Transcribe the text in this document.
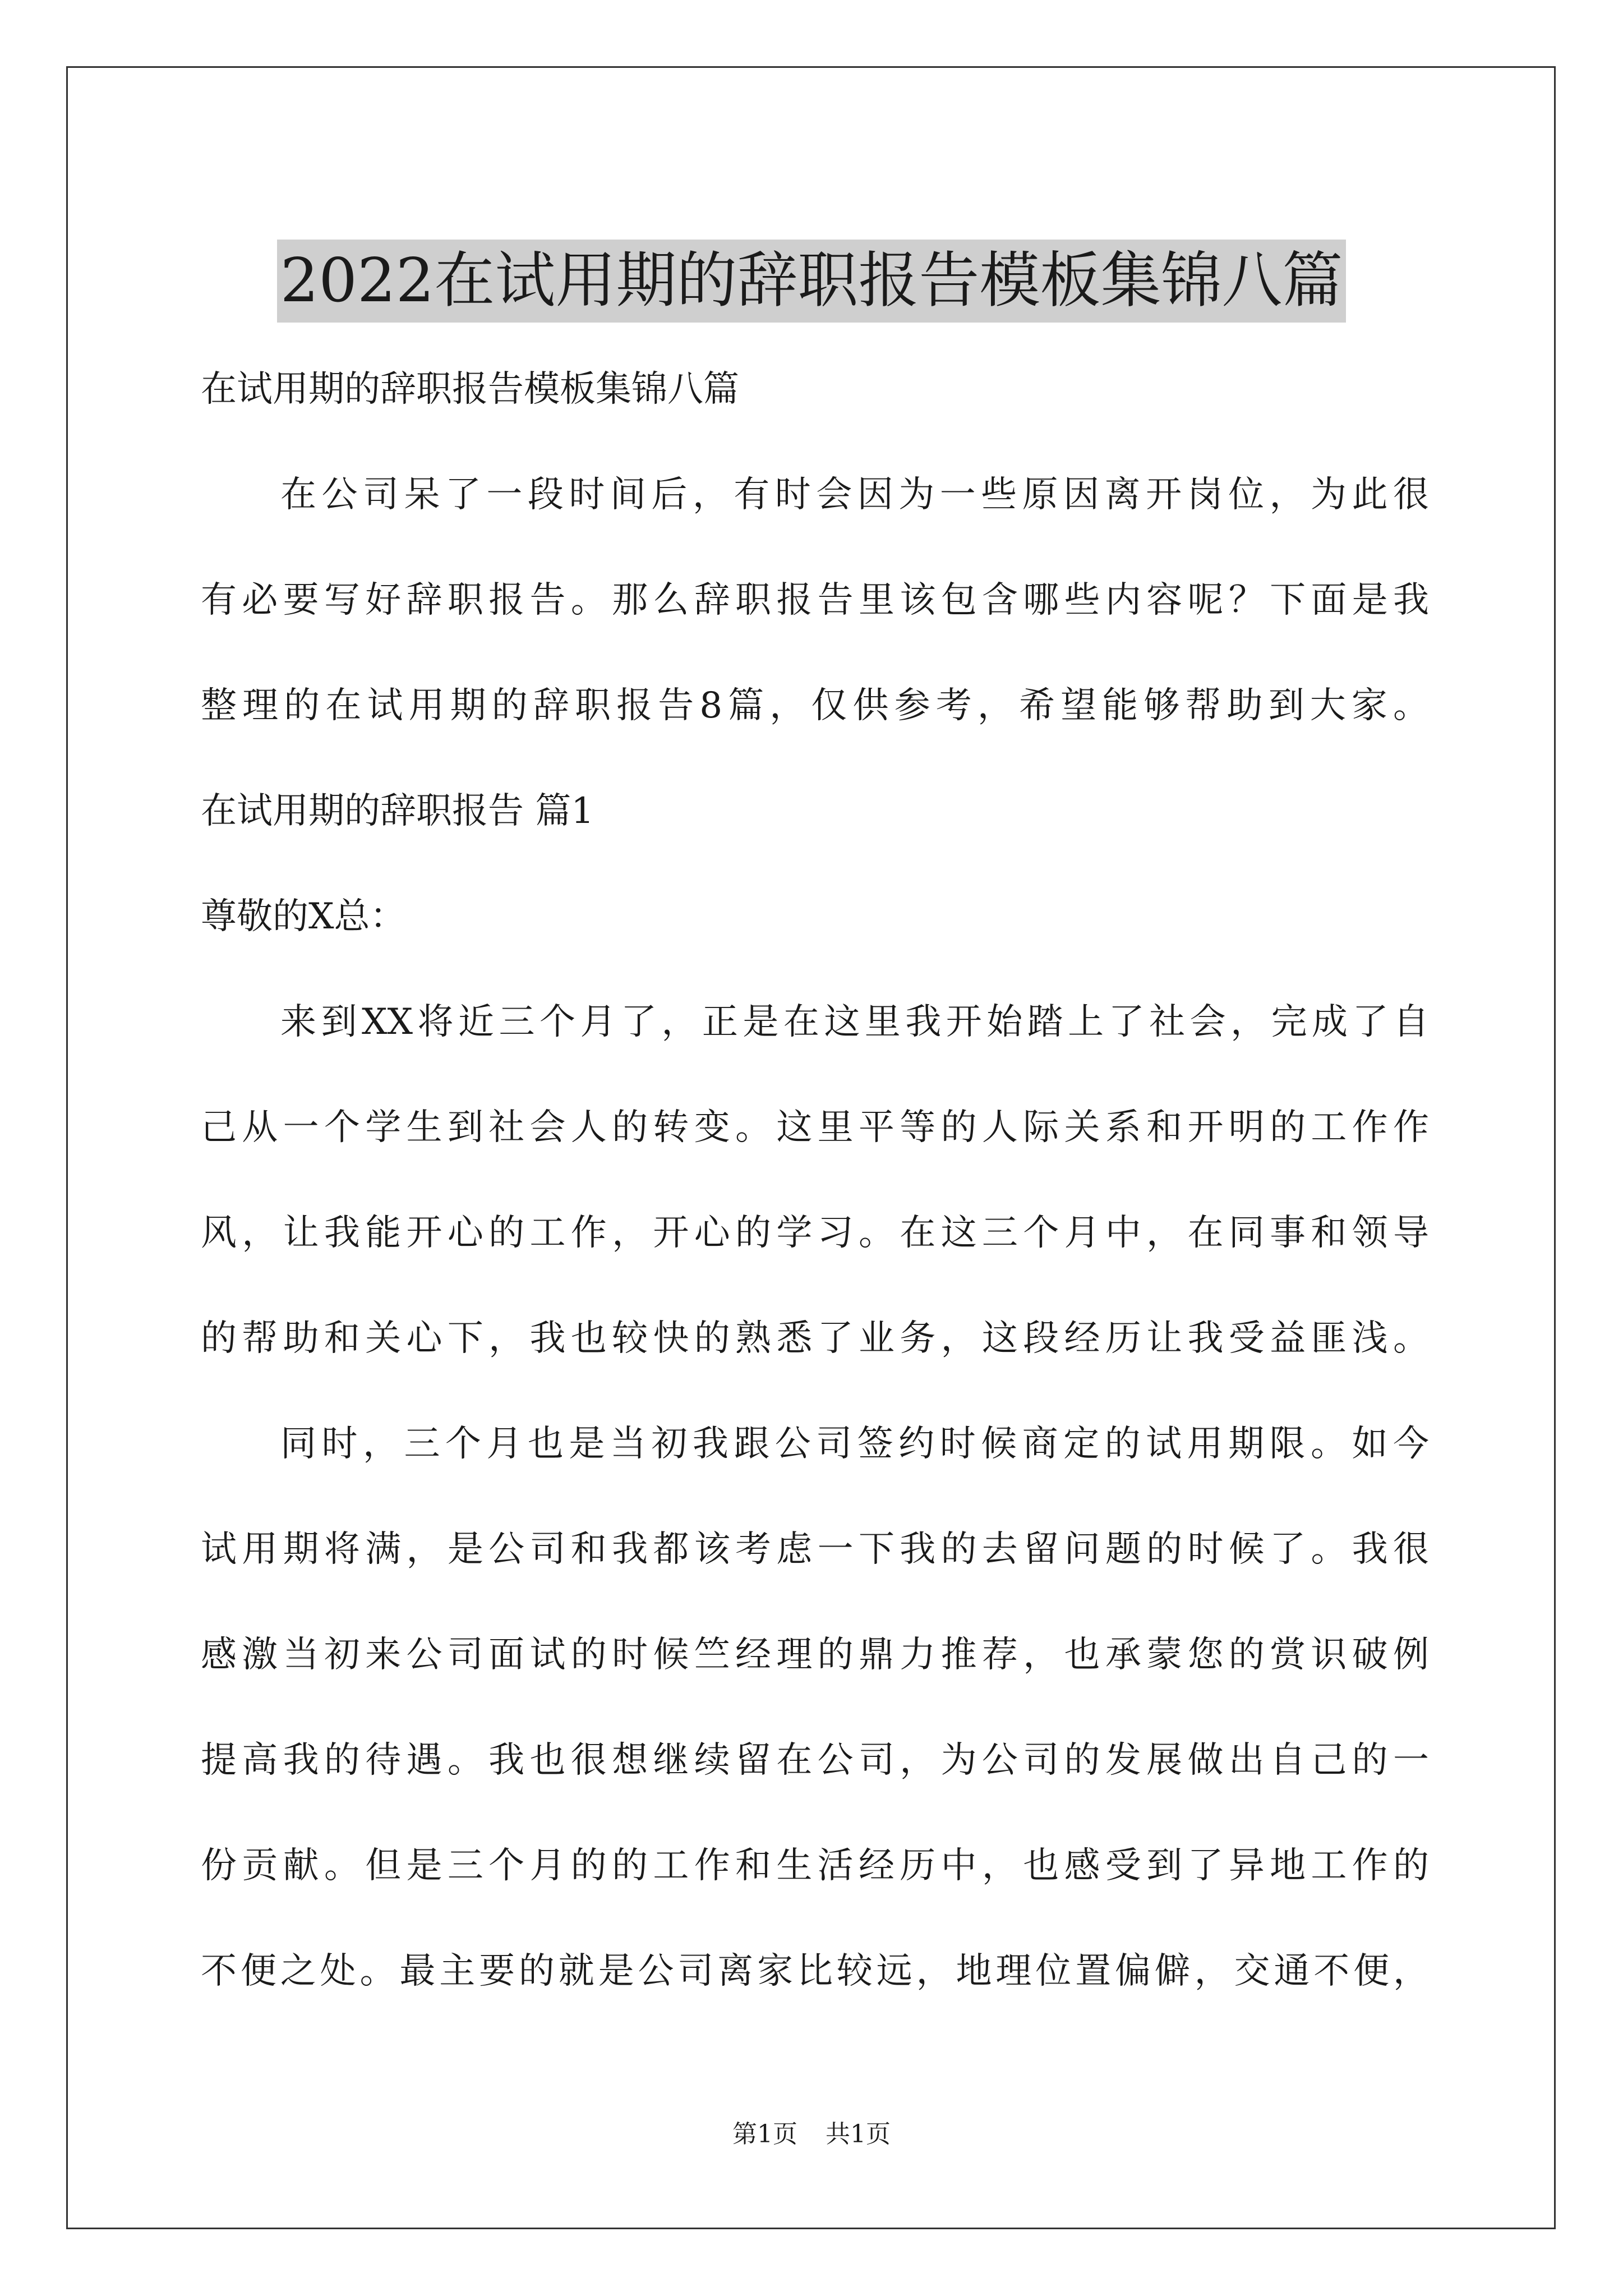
2022在试用期的辞职报告模板集锦八篇
在试用期的辞职报告模板集锦八篇
在公司呆了一段时间后，有时会因为一些原因离开岗位，为此很
有必要写好辞职报告。那么辞职报告里该包含哪些内容呢？下面是我
整理的在试用期的辞职报告8篇，仅供参考，希望能够帮助到大家。
在试用期的辞职报告 篇1
尊敬的X总：
来到XX将近三个月了，正是在这里我开始踏上了社会，完成了自
己从一个学生到社会人的转变。这里平等的人际关系和开明的工作作
风，让我能开心的工作，开心的学习。在这三个月中，在同事和领导
的帮助和关心下，我也较快的熟悉了业务，这段经历让我受益匪浅。
同时，三个月也是当初我跟公司签约时候商定的试用期限。如今
试用期将满，是公司和我都该考虑一下我的去留问题的时候了。我很
感激当初来公司面试的时候竺经理的鼎力推荐，也承蒙您的赏识破例
提高我的待遇。我也很想继续留在公司，为公司的发展做出自己的一
份贡献。但是三个月的的工作和生活经历中，也感受到了异地工作的
不便之处。最主要的就是公司离家比较远，地理位置偏僻，交通不便，
第1页 共1页
